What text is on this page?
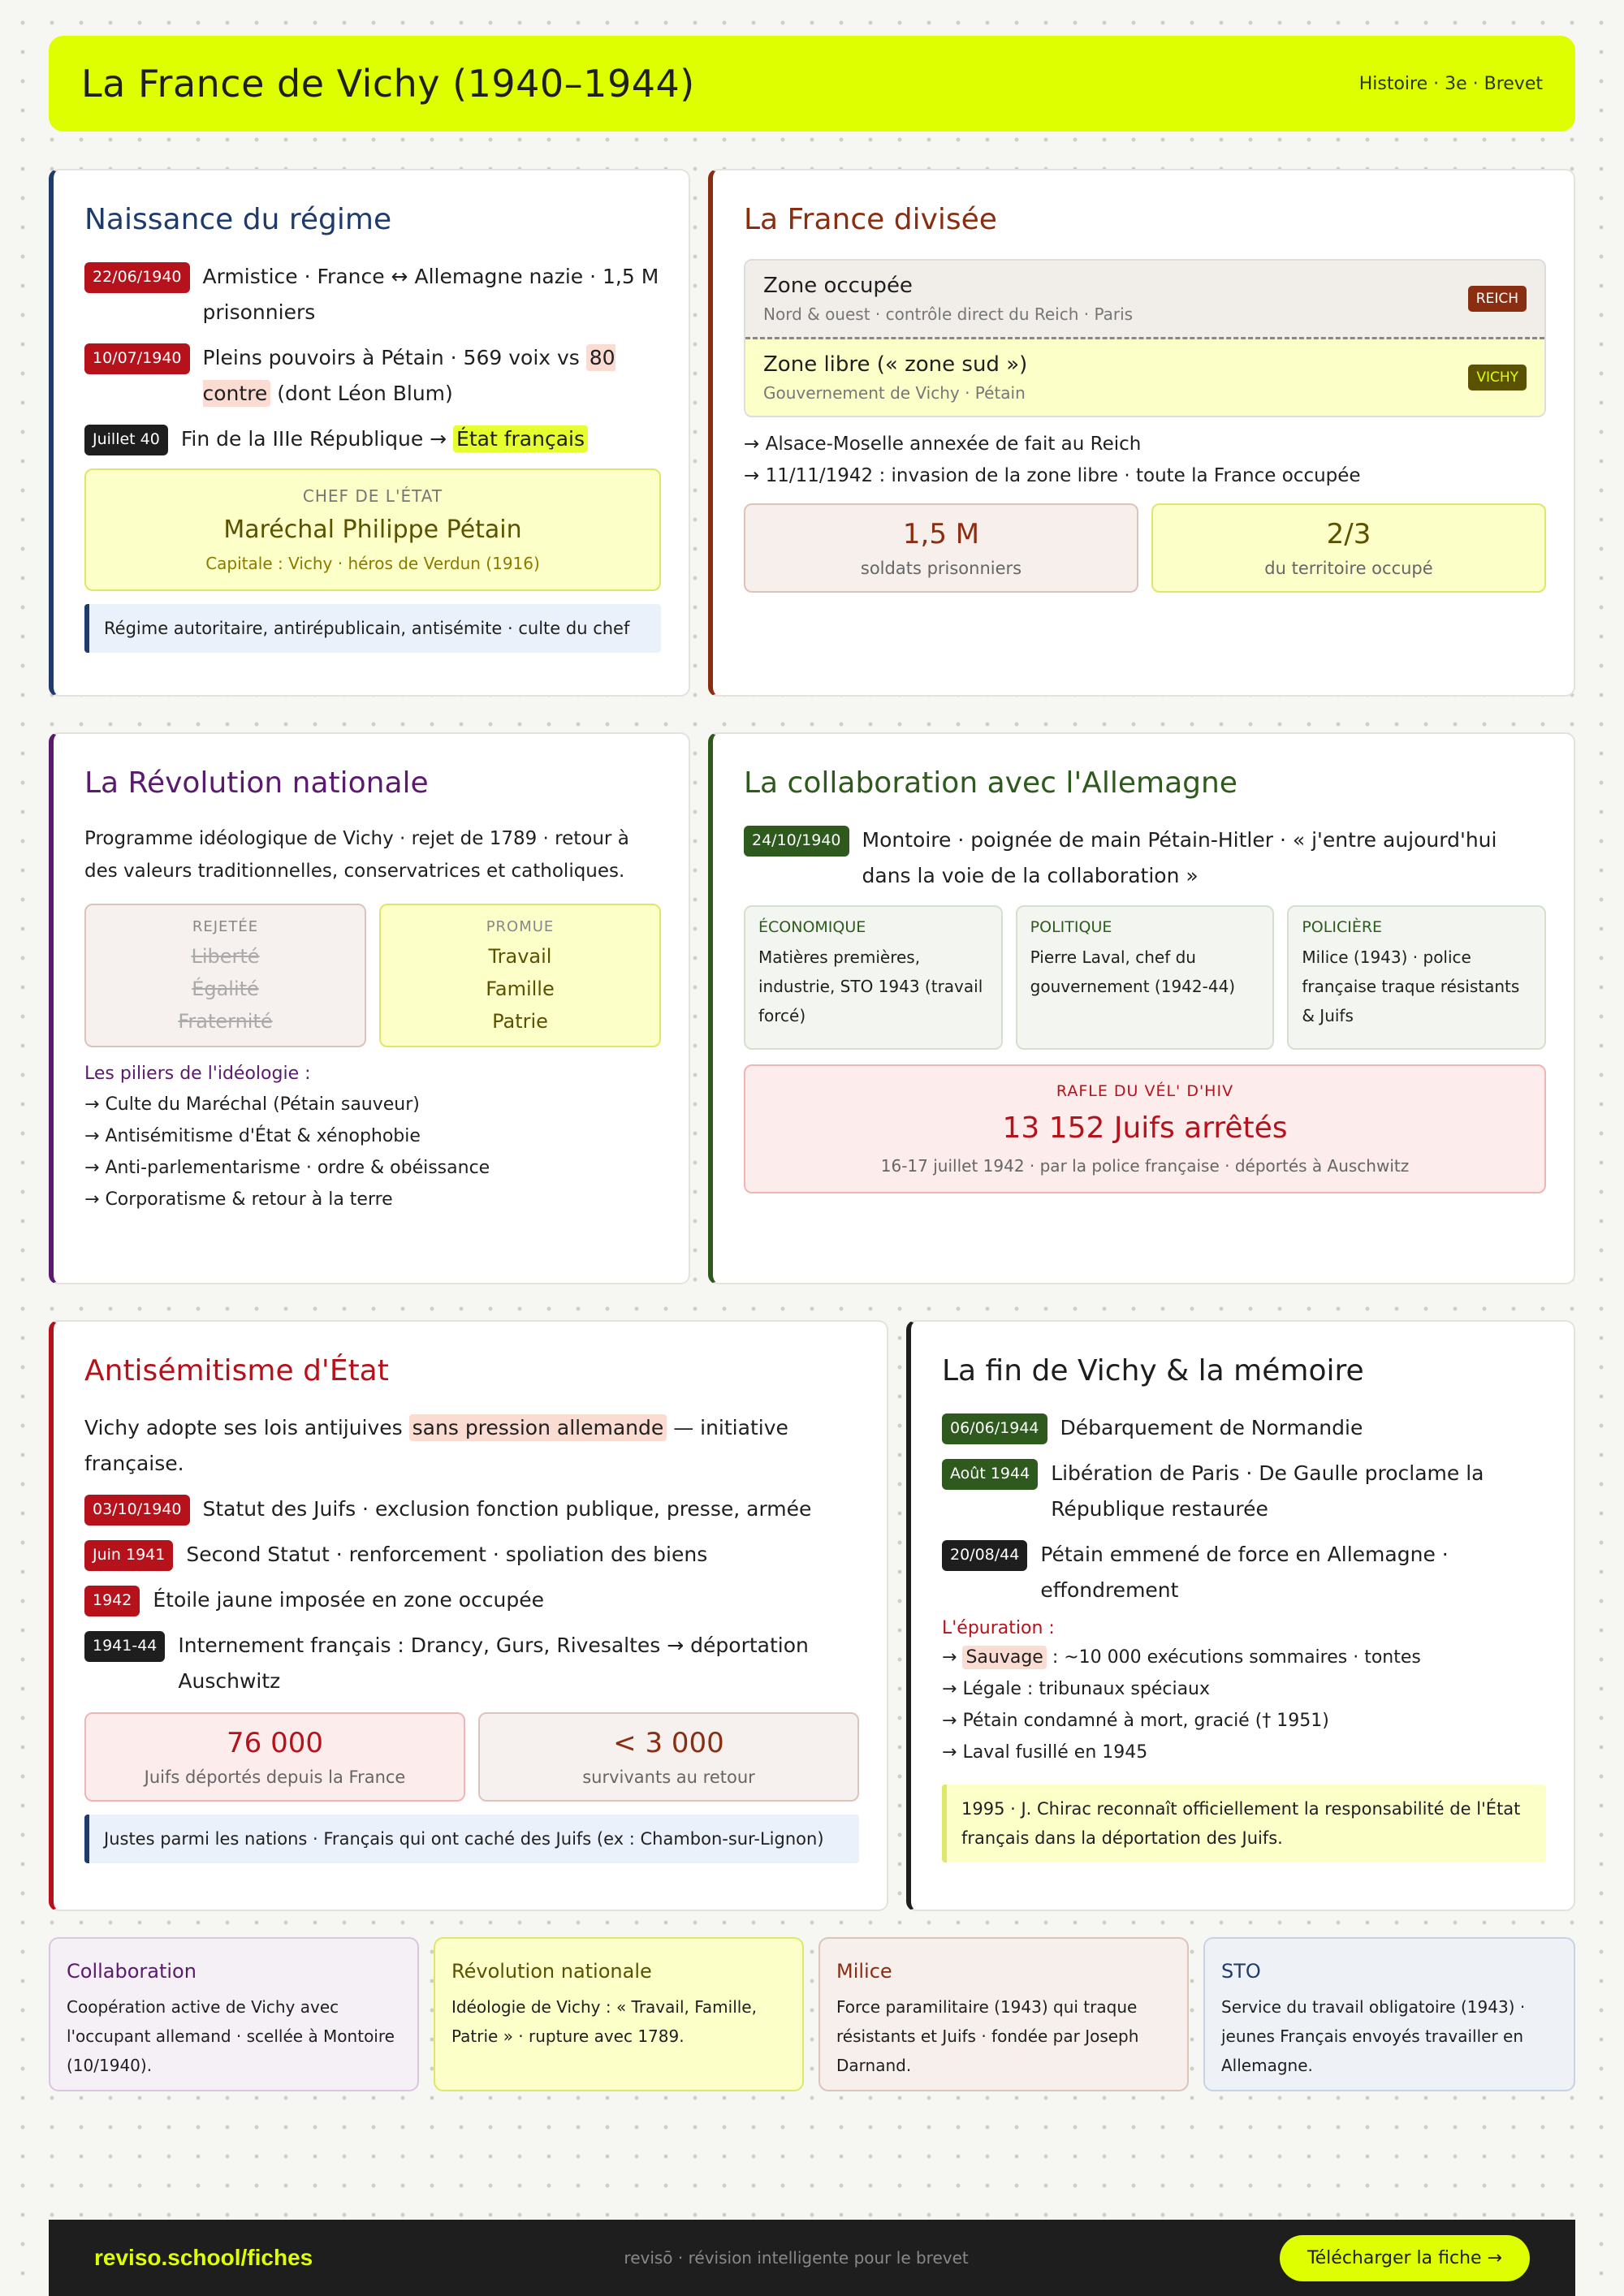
La France de Vichy (1940–1944)	Histoire · 3e · Brevet
Naissance du régime
22/06/1940	Armistice · France ↔ Allemagne nazie · 1,5 M prisonniers
10/07/1940	Pleins pouvoirs à Pétain · 569 voix vs 80 contre (dont Léon Blum)
Juillet 40	Fin de la IIIe République → État français
CHEF DE L'ÉTAT
Maréchal Philippe Pétain
Capitale : Vichy · héros de Verdun (1916)
Régime autoritaire, antirépublicain, antisémite · culte du chef
La France divisée
Zone occupée
Nord & ouest · contrôle direct du Reich · Paris
REICH
Zone libre (« zone sud »)
Gouvernement de Vichy · Pétain
VICHY
→ Alsace-Moselle annexée de fait au Reich
→ 11/11/1942 : invasion de la zone libre · toute la France occupée
1,5 M
soldats prisonniers
2/3
du territoire occupé
La Révolution nationale

Programme idéologique de Vichy · rejet de 1789 · retour à des valeurs traditionnelles, conservatrices et catholiques.

REJETÉE
Liberté
Égalité
Fraternité
PROMUE
Travail
Famille
Patrie
Les piliers de l'idéologie :
→ Culte du Maréchal (Pétain sauveur)
→ Antisémitisme d'État & xénophobie
→ Anti-parlementarisme · ordre & obéissance
→ Corporatisme & retour à la terre
La collaboration avec l'Allemagne
24/10/1940	Montoire · poignée de main Pétain-Hitler · « j'entre aujourd'hui dans la voie de la collaboration »
ÉCONOMIQUE
Matières premières, industrie, STO 1943 (travail forcé)
POLITIQUE
Pierre Laval, chef du gouvernement (1942-44)
POLICIÈRE
Milice (1943) · police française traque résistants & Juifs
RAFLE DU VÉL' D'HIV
13 152 Juifs arrêtés
16-17 juillet 1942 · par la police française · déportés à Auschwitz
Antisémitisme d'État
Vichy adopte ses lois antijuives sans pression allemande — initiative française.
03/10/1940	Statut des Juifs · exclusion fonction publique, presse, armée
Juin 1941	Second Statut · renforcement · spoliation des biens
1942	Étoile jaune imposée en zone occupée
1941-44	Internement français : Drancy, Gurs, Rivesaltes → déportation Auschwitz
76 000
Juifs déportés depuis la France
< 3 000
survivants au retour
Justes parmi les nations · Français qui ont caché des Juifs (ex : Chambon-sur-Lignon)
La fin de Vichy & la mémoire
06/06/1944	Débarquement de Normandie
Août 1944	Libération de Paris · De Gaulle proclame la République restaurée
20/08/44	Pétain emmené de force en Allemagne · effondrement
L'épuration :
→ Sauvage : ~10 000 exécutions sommaires · tontes
→ Légale : tribunaux spéciaux
→ Pétain condamné à mort, gracié († 1951)
→ Laval fusillé en 1945
1995 · J. Chirac reconnaît officiellement la responsabilité de l'État français dans la déportation des Juifs.
Collaboration
Coopération active de Vichy avec l'occupant allemand · scellée à Montoire (10/1940).
Révolution nationale
Idéologie de Vichy : « Travail, Famille, Patrie » · rupture avec 1789.
Milice
Force paramilitaire (1943) qui traque résistants et Juifs · fondée par Joseph Darnand.
STO
Service du travail obligatoire (1943) · jeunes Français envoyés travailler en Allemagne.
reviso.school/fiches	revisō · révision intelligente pour le brevet	Télécharger la fiche →
